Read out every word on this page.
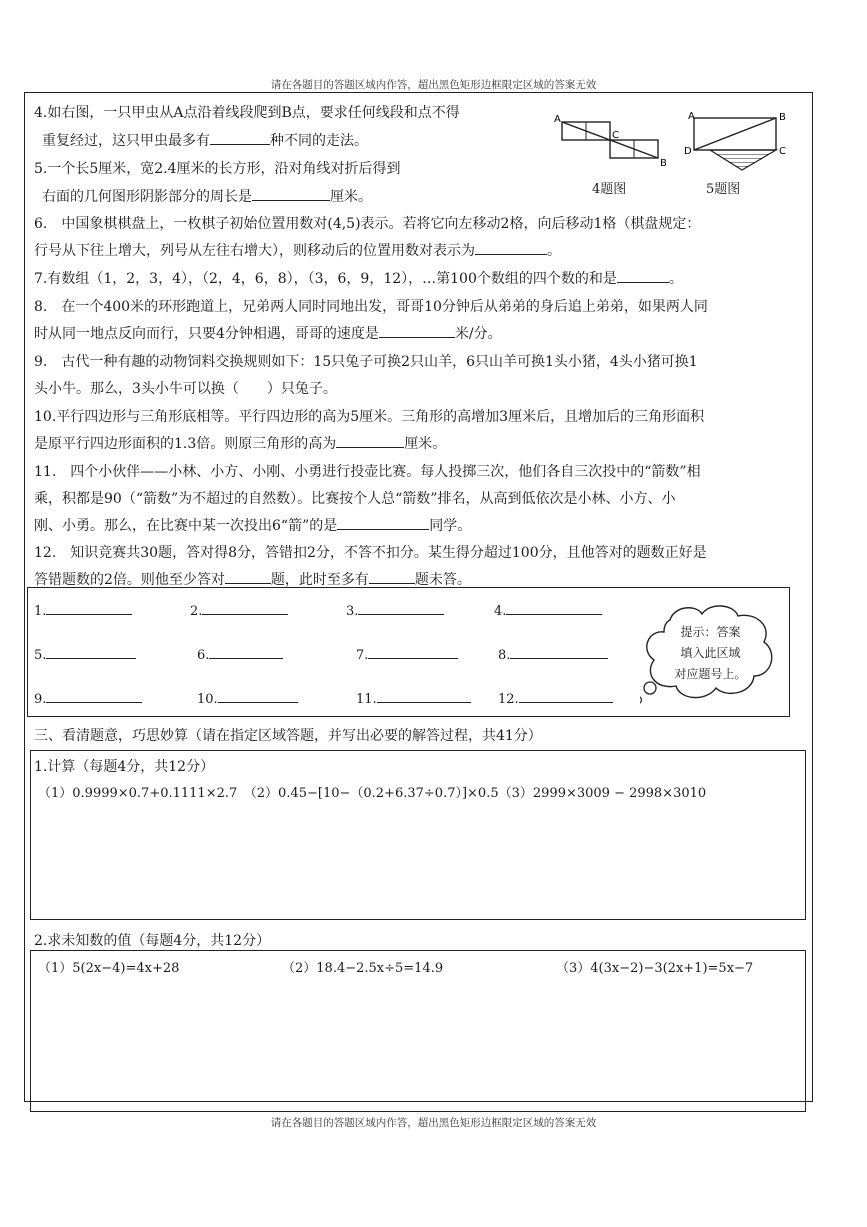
请在各题目的答题区域内作答，超出黑色矩形边框限定区域的答案无效
4.如右图，一只甲虫从A点沿着线段爬到B点，要求任何线段和点不得
重复经过，这只甲虫最多有	种不同的走法。
5.一个长5厘米，宽2.4厘米的长方形，沿对角线对折后得到
右面的几何图形阴影部分的周长是	厘米。
A
C
B
4题图
A	B
D	C
5题图
6.　中国象棋棋盘上，一枚棋子初始位置用数对(4,5)表示。若将它向左移动2格，向后移动1格（棋盘规定：
行号从下往上增大，列号从左往右增大），则移动后的位置用数对表示为	。
7.有数组（1，2，3，4），（2，4，6，8），（3，6，9，12），…第100个数组的四个数的和是	。
8.　在一个400米的环形跑道上，兄弟两人同时同地出发，哥哥10分钟后从弟弟的身后追上弟弟，如果两人同
时从同一地点反向而行，只要4分钟相遇，哥哥的速度是	米/分。
9.　古代一种有趣的动物饲料交换规则如下：15只兔子可换2只山羊，6只山羊可换1头小猪，4头小猪可换1
头小牛。那么，3头小牛可以换（　　）只兔子。
10.平行四边形与三角形底相等。平行四边形的高为5厘米。三角形的高增加3厘米后，且增加后的三角形面积
是原平行四边形面积的1.3倍。则原三角形的高为	厘米。
11.　四个小伙伴——小林、小方、小刚、小勇进行投壶比赛。每人投掷三次，他们各自三次投中的“箭数”相
乘，积都是90（“箭数”为不超过的自然数）。比赛按个人总“箭数”排名，从高到低依次是小林、小方、小
刚、小勇。那么，在比赛中某一次投出6“箭”的是	同学。
12.　知识竞赛共30题，答对得8分，答错扣2分，不答不扣分。某生得分超过100分，且他答对的题数正好是
答错题数的2倍。则他至少答对	题，此时至多有	题未答。
1.	2.	3.	4.
5.	6.	7.	8.
9.	10.	11.	12.
提示：答案
填入此区域
对应题号上。
三、看清题意，巧思妙算（请在指定区域答题，并写出必要的解答过程，共41分）
1.计算（每题4分，共12分）
（1）0.9999×0.7+0.1111×2.7　（2）0.45−[10−（0.2+6.37÷0.7）]×0.5（3）2999×3009 − 2998×3010
2.求未知数的值（每题4分，共12分）
（1）5(2x−4)=4x+28	（2）18.4−2.5x÷5=14.9	（3）4(3x−2)−3(2x+1)=5x−7
请在各题目的答题区域内作答，超出黑色矩形边框限定区域的答案无效
